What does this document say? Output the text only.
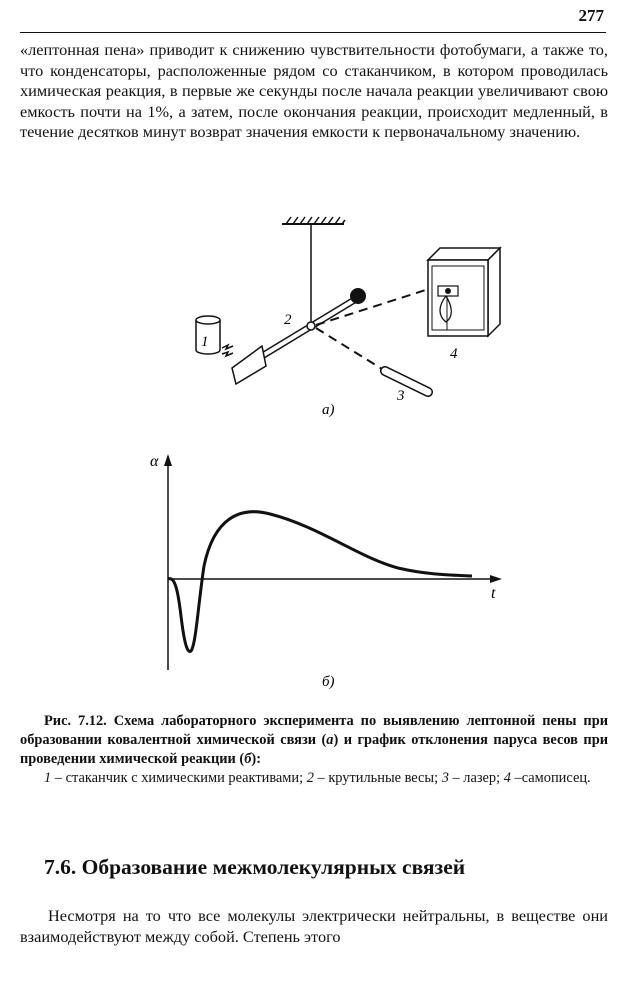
277

«лептонная пена» приводит к снижению чувствительности фотобумаги, а также то, что конденсаторы, расположенные рядом со стаканчиком, в котором проводилась химическая реакция, в первые же секунды после начала реакции увеличивают свою емкость почти на 1%, а затем, после окончания реакции, происходит медленный, в течение десятков минут возврат значения емкости к первоначальному значению.

1
2
3
4
а)
α
t
б)

Рис. 7.12. Схема лабораторного эксперимента по выявлению лептонной пены при образовании ковалентной химической связи (а) и график отклонения паруса весов при проведении химической реакции (б):

1 – стаканчик с химическими реактивами; 2 – крутильные весы; 3 – лазер; 4 –самописец.

7.6. Образование межмолекулярных связей

Несмотря на то что все молекулы электрически нейтральны, в веществе они взаимодействуют между собой. Степень этого
